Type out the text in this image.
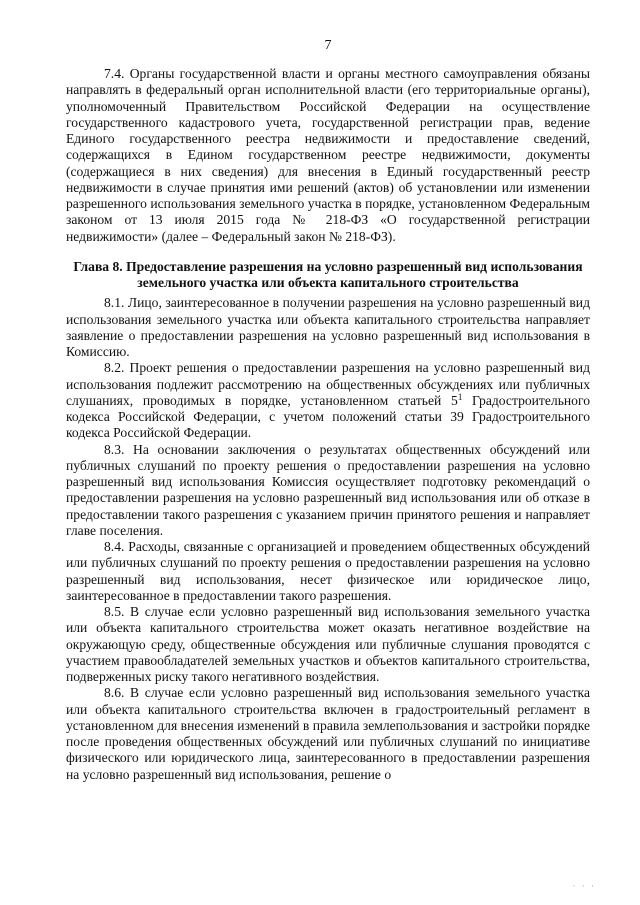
7

7.4. Органы государственной власти и органы местного самоуправления обязаны направлять в федеральный орган исполнительной власти (его территориальные органы), уполномоченный Правительством Российской Федерации на осуществление государственного кадастрового учета, государственной регистрации прав, ведение Единого государственного реестра недвижимости и предоставление сведений, содержащихся в Едином государственном реестре недвижимости, документы (содержащиеся в них сведения) для внесения в Единый государственный реестр недвижимости в случае принятия ими решений (актов) об установлении или изменении разрешенного использования земельного участка в порядке, установленном Федеральным законом от 13 июля 2015 года № 218-ФЗ «О государственной регистрации недвижимости» (далее – Федеральный закон № 218-ФЗ).

Глава 8. Предоставление разрешения на условно разрешенный вид использования земельного участка или объекта капитального строительства

8.1. Лицо, заинтересованное в получении разрешения на условно разрешенный вид использования земельного участка или объекта капитального строительства направляет заявление о предоставлении разрешения на условно разрешенный вид использования в Комиссию.

8.2. Проект решения о предоставлении разрешения на условно разрешенный вид использования подлежит рассмотрению на общественных обсуждениях или публичных слушаниях, проводимых в порядке, установленном статьей $5^1$ Градостроительного кодекса Российской Федерации, с учетом положений статьи 39 Градостроительного кодекса Российской Федерации.

8.3. На основании заключения о результатах общественных обсуждений или публичных слушаний по проекту решения о предоставлении разрешения на условно разрешенный вид использования Комиссия осуществляет подготовку рекомендаций о предоставлении разрешения на условно разрешенный вид использования или об отказе в предоставлении такого разрешения с указанием причин принятого решения и направляет главе поселения.

8.4. Расходы, связанные с организацией и проведением общественных обсуждений или публичных слушаний по проекту решения о предоставлении разрешения на условно разрешенный вид использования, несет физическое или юридическое лицо, заинтересованное в предоставлении такого разрешения.

8.5. В случае если условно разрешенный вид использования земельного участка или объекта капитального строительства может оказать негативное воздействие на окружающую среду, общественные обсуждения или публичные слушания проводятся с участием правообладателей земельных участков и объектов капитального строительства, подверженных риску такого негативного воздействия.

8.6. В случае если условно разрешенный вид использования земельного участка или объекта капитального строительства включен в градостроительный регламент в установленном для внесения изменений в правила землепользования и застройки порядке после проведения общественных обсуждений или публичных слушаний по инициативе физического или юридического лица, заинтересованного в предоставлении разрешения на условно разрешенный вид использования, решение о

· · ·
